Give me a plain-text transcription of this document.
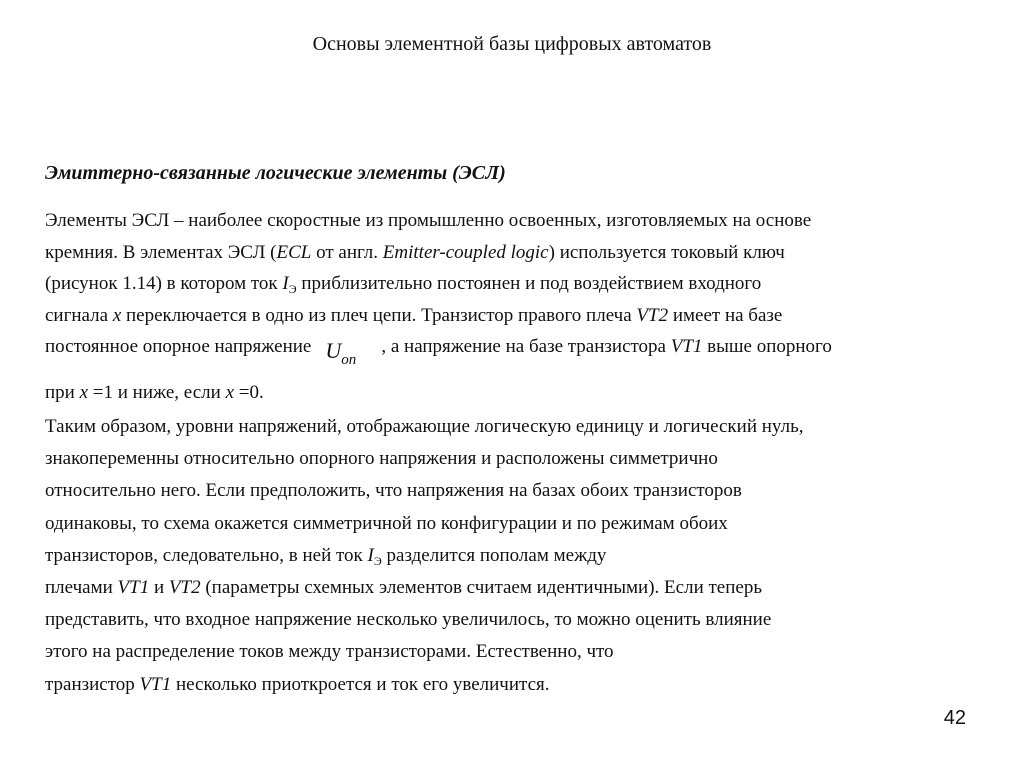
Основы элементной базы цифровых автоматов
Эмиттерно-связанные логические элементы (ЭСЛ)
Элементы ЭСЛ – наиболее скоростные из промышленно освоенных, изготовляемых на основе
кремния. В элементах ЭСЛ (ECL от англ. Emitter-coupled logic) используется токовый ключ
(рисунок 1.14) в котором ток $I_Э$ приблизительно постоянен и под воздействием входного
сигнала x переключается в одно из плеч цепи. Транзистор правого плеча VT2 имеет на базе
постоянное опорное напряжение $U_{оп}$, а напряжение на базе транзистора VT1 выше опорного
при x =1 и ниже, если x =0.
Таким образом, уровни напряжений, отображающие логическую единицу и логический нуль,
знакопеременны относительно опорного напряжения и расположены симметрично
относительно него. Если предположить, что напряжения на базах обоих транзисторов
одинаковы, то схема окажется симметричной по конфигурации и по режимам обоих
транзисторов, следовательно, в ней ток $I_Э$ разделится пополам между
плечами VT1 и VT2 (параметры схемных элементов считаем идентичными). Если теперь
представить, что входное напряжение несколько увеличилось, то можно оценить влияние
этого на распределение токов между транзисторами. Естественно, что
транзистор VT1 несколько приоткроется и ток его увеличится.
42
